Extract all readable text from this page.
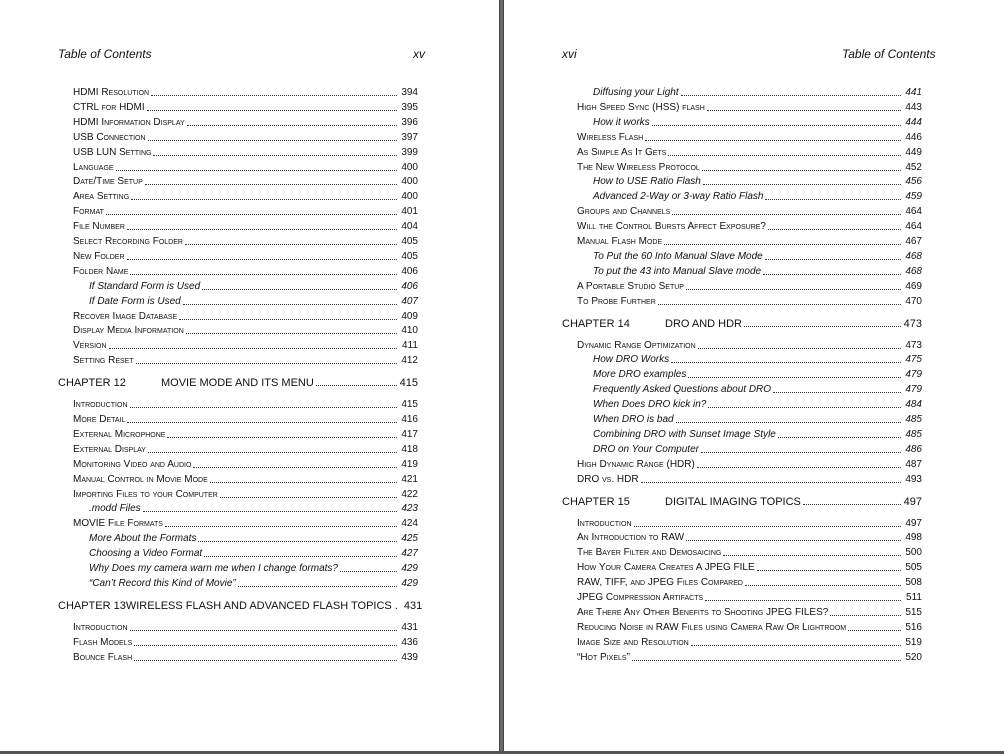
Table of Contents	xv
HDMI Resolution	394
CTRL for HDMI	395
HDMI Information Display	396
USB Connection	397
USB LUN Setting	399
Language	400
Date/Time Setup	400
Area Setting	400
Format	401
File Number	404
Select Recording Folder	405
New Folder	405
Folder Name	406
If Standard Form is Used	406
If Date Form is Used	407
Recover Image Database	409
Display Media Information	410
Version	411
Setting Reset	412
CHAPTER 12	MOVIE MODE AND ITS MENU	415
Introduction	415
More Detail	416
External Microphone	417
External Display	418
Monitoring Video and Audio	419
Manual Control in Movie Mode	421
Importing Files to your Computer	422
.modd Files	423
MOVIE File Formats	424
More About the Formats	425
Choosing a Video Format	427
Why Does my camera warn me when I change formats?	429
“Can’t Record this Kind of Movie”	429
CHAPTER 13 WIRELESS FLASH AND ADVANCED FLASH TOPICS . 431
Introduction	431
Flash Models	436
Bounce Flash	439
xvi	Table of Contents
Diffusing your Light	441
High Speed Sync (HSS) flash	443
How it works	444
Wireless Flash	446
As Simple As It Gets	449
The New Wireless Protocol	452
How to USE Ratio Flash	456
Advanced 2-Way or 3-way Ratio Flash	459
Groups and Channels	464
Will the Control Bursts Affect Exposure?	464
Manual Flash Mode	467
To Put the 60 Into Manual Slave Mode	468
To put the 43 into Manual Slave mode	468
A Portable Studio Setup	469
To Probe Further	470
CHAPTER 14	DRO AND HDR	473
Dynamic Range Optimization	473
How DRO Works	475
More DRO examples	479
Frequently Asked Questions about DRO	479
When Does DRO kick in?	484
When DRO is bad	485
Combining DRO with Sunset Image Style	485
DRO on Your Computer	486
High Dynamic Range (HDR)	487
DRO vs. HDR	493
CHAPTER 15	DIGITAL IMAGING TOPICS	497
Introduction	497
An Introduction to RAW	498
The Bayer Filter and Demosaicing	500
How Your Camera Creates A JPEG FILE	505
RAW, TIFF, and JPEG Files Compared	508
JPEG Compression Artifacts	511
Are There Any Other Benefits to Shooting JPEG FILES?	515
Reducing Noise in RAW Files using Camera Raw Or Lightroom	516
Image Size and Resolution	519
“Hot Pixels”	520
